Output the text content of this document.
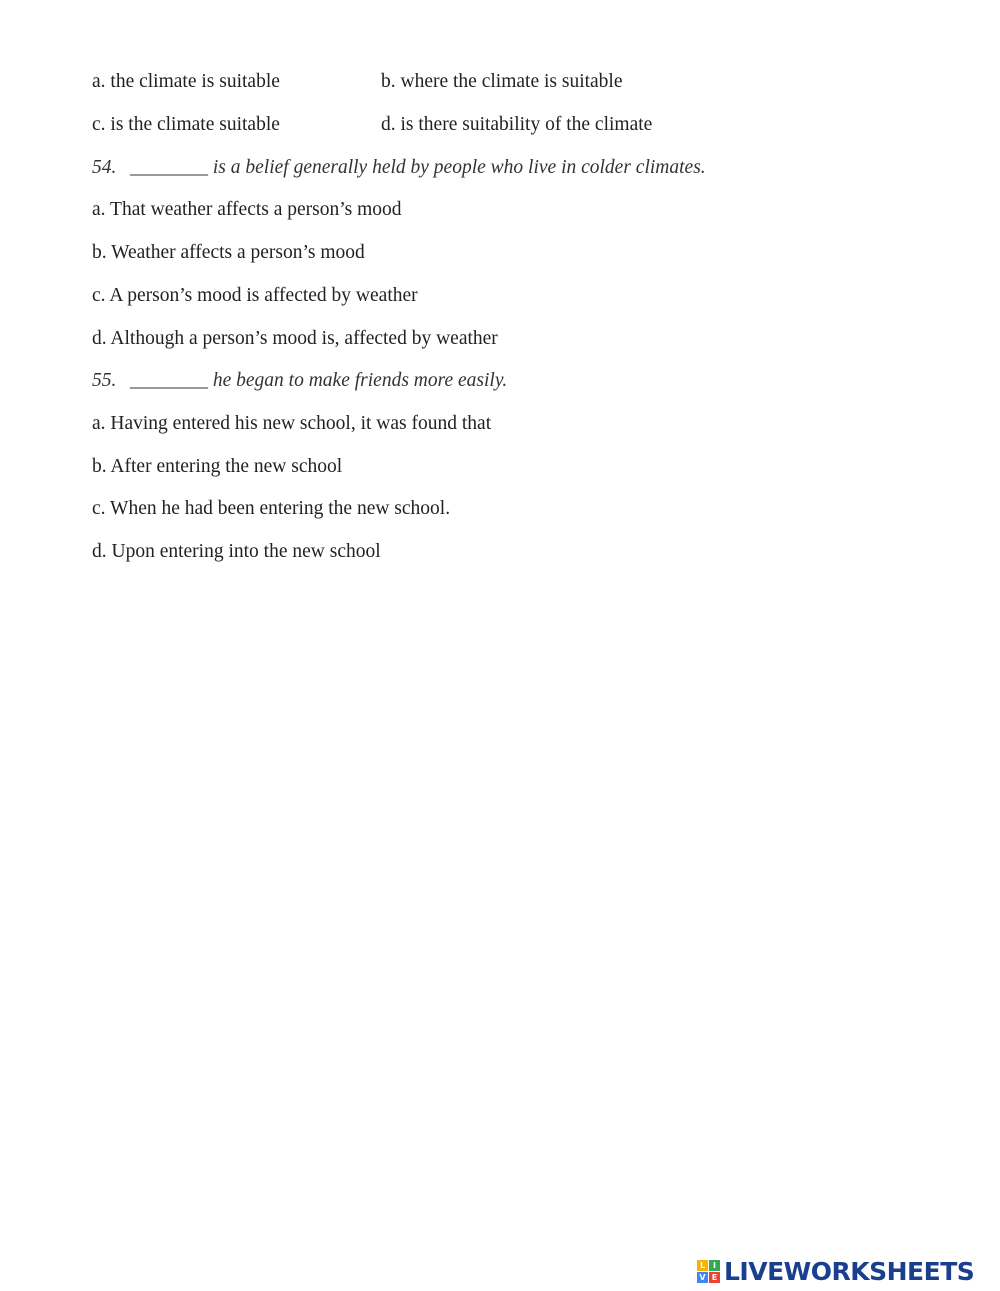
a. the climate is suitable	b. where the climate is suitable
c. is the climate suitable	d. is there suitability of the climate
54. ________ is a belief generally held by people who live in colder climates.
a. That weather affects a person’s mood
b. Weather affects a person’s mood
c. A person’s mood is affected by weather
d. Although a person’s mood is, affected by weather
55. ________ he began to make friends more easily.
a. Having entered his new school, it was found that
b. After entering the new school
c. When he had been entering the new school.
d. Upon entering into the new school
L I
V E LIVEWORKSHEETS
